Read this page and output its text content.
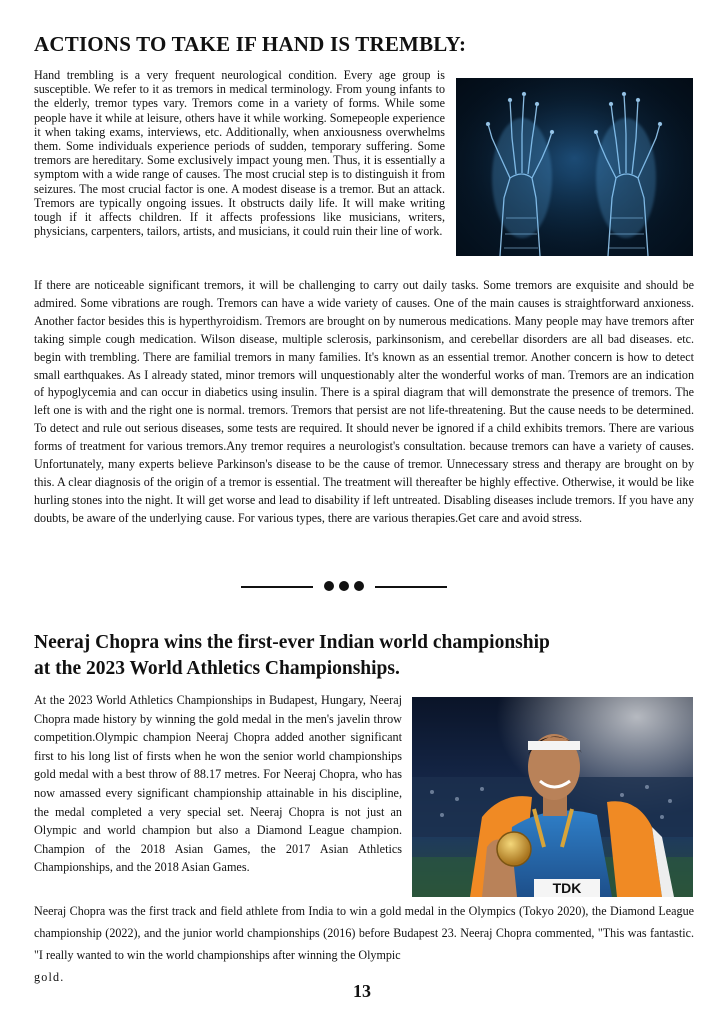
ACTIONS TO TAKE IF HAND IS TREMBLY:

Hand trembling is a very frequent neurological condition. Every age group is susceptible. We refer to it as tremors in medical terminology. From young infants to the elderly, tremor types vary. Tremors come in a variety of forms. While some people have it while at leisure, others have it while working. Somepeople experience it when taking exams, interviews, etc. Additionally, when anxiousness overwhelms them. Some individuals experience periods of sudden, temporary suffering. Some tremors are hereditary. Some exclusively impact young men. Thus, it is essentially a symptom with a wide range of causes. The most crucial step is to distinguish it from seizures. The most crucial factor is one. A modest disease is a tremor. But an attack. Tremors are typically ongoing issues. It obstructs daily life. It will make writing tough if it affects children. If it affects professions like musicians, writers, physicians, carpenters, tailors, artists, and musicians, it could ruin their line of work.

If there are noticeable significant tremors, it will be challenging to carry out daily tasks. Some tremors are exquisite and should be admired. Some vibrations are rough. Tremors can have a wide variety of causes. One of the main causes is straightforward anxioness. Another factor besides this is hyperthyroidism. Tremors are brought on by numerous medications. Many people may have tremors after taking simple cough medication. Wilson disease, multiple sclerosis, parkinsonism, and cerebellar disorders are all bad diseases. etc. begin with trembling. There are familial tremors in many families. It's known as an essential tremor. Another concern is how to detect small earthquakes. As I already stated, minor tremors will unquestionably alter the wonderful works of man. Tremors are an indication of hypoglycemia and can occur in diabetics using insulin. There is a spiral diagram that will demonstrate the presence of tremors. The left one is with and the right one is normal. tremors. Tremors that persist are not life-threatening. But the cause needs to be determined. To detect and rule out serious diseases, some tests are required. It should never be ignored if a child exhibits tremors. There are various forms of treatment for various tremors.Any tremor requires a neurologist's consultation. because tremors can have a variety of causes. Unfortunately, many experts believe Parkinson's disease to be the cause of tremor. Unnecessary stress and therapy are brought on by this. A clear diagnosis of the origin of a tremor is essential. The treatment will thereafter be highly effective. Otherwise, it would be like hurling stones into the night. It will get worse and lead to disability if left untreated. Disabling diseases include tremors. If you have any doubts, be aware of the underlying cause. For various types, there are various therapies.Get care and avoid stress.

Neeraj Chopra wins the first-ever Indian world championship
at the 2023 World Athletics Championships.

At the 2023 World Athletics Championships in Budapest, Hungary, Neeraj Chopra made history by winning the gold medal in the men's javelin throw competition.Olympic champion Neeraj Chopra added another significant first to his long list of firsts when he won the senior world championships gold medal with a best throw of 88.17 metres. For Neeraj Chopra, who has now amassed every significant championship attainable in his discipline, the medal completed a very special set. Neeraj Chopra is not just an Olympic and world champion but also a Diamond League champion. Champion of the 2018 Asian Games, the 2017 Asian Athletics Championships, and the 2018 Asian Games.

TDK

Neeraj Chopra was the first track and field athlete from India to win a gold medal in the Olympics (Tokyo 2020), the Diamond League championship (2022), and the junior world championships (2016) before Budapest 23. Neeraj Chopra commented, "This was fantastic. "I really wanted to win the world championships after winning the Olympic
gold.

13
